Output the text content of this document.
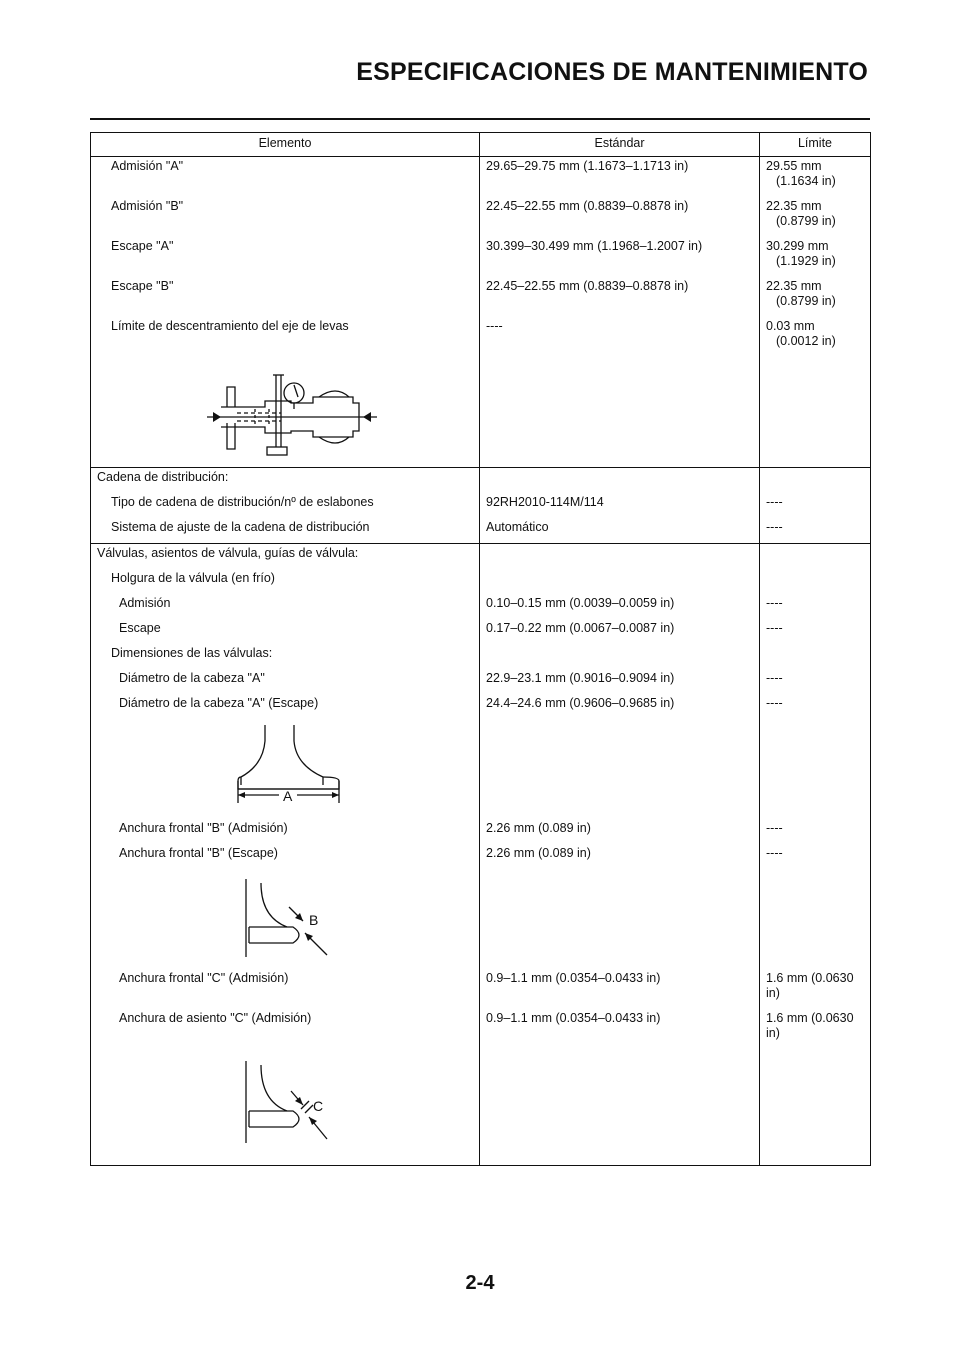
ESPECIFICACIONES DE MANTENIMIENTO
Elemento	Estándar	Límite
Admisión "A"	29.65–29.75 mm (1.1673–1.1713 in)	29.55 mm
(1.1634 in)

Admisión "B"	22.45–22.55 mm (0.8839–0.8878 in)	22.35 mm
(0.8799 in)

Escape "A"	30.399–30.499 mm (1.1968–1.2007 in)	30.299 mm
(1.1929 in)

Escape "B"	22.45–22.55 mm (0.8839–0.8878 in)	22.35 mm
(0.8799 in)

Límite de descentramiento del eje de levas	----	0.03 mm
(0.0012 in)

Cadena de distribución:		
Tipo de cadena de distribución/nº de eslabones	92RH2010-114M/114	----
Sistema de ajuste de la cadena de distribución	Automático	----
Válvulas, asientos de válvula, guías de válvula:		
Holgura de la válvula (en frío)		
Admisión	0.10–0.15 mm (0.0039–0.0059 in)	----
Escape	0.17–0.22 mm (0.0067–0.0087 in)	----
Dimensiones de las válvulas:		
Diámetro de la cabeza "A"	22.9–23.1 mm (0.9016–0.9094 in)	----
Diámetro de la cabeza "A" (Escape)	24.4–24.6 mm (0.9606–0.9685 in)	----

A		

Anchura frontal "B" (Admisión)	2.26 mm (0.089 in)	----
Anchura frontal "B" (Escape)	2.26 mm (0.089 in)	----

B		

Anchura frontal "C" (Admisión)	0.9–1.1 mm (0.0354–0.0433 in)	1.6 mm (0.0630
in)

Anchura de asiento "C" (Admisión)	0.9–1.1 mm (0.0354–0.0433 in)	1.6 mm (0.0630
in)

C		

2-4
